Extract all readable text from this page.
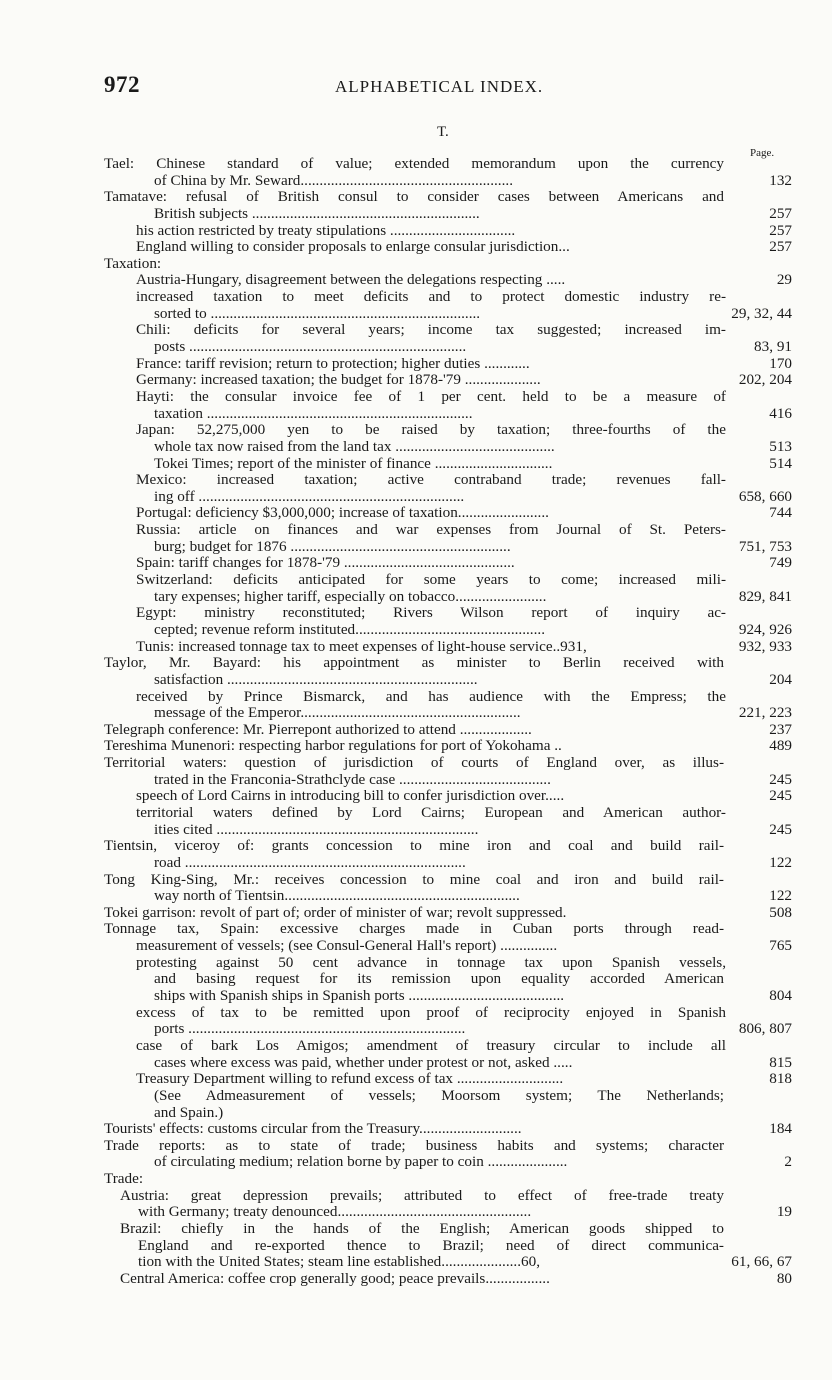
972	ALPHABETICAL INDEX.
T.
Page.
Tael: Chinese standard of value; extended memorandum upon the currency
of China by Mr. Seward........................................................	132
Tamatave: refusal of British consul to consider cases between Americans and
British subjects ............................................................	257
his action restricted by treaty stipulations .................................	257
England willing to consider proposals to enlarge consular jurisdiction...	257
Taxation:
Austria-Hungary, disagreement between the delegations respecting .....	29
increased taxation to meet deficits and to protect domestic industry re-
sorted to .......................................................................	29, 32, 44
Chili: deficits for several years; income tax suggested; increased im-
posts .........................................................................	83, 91
France: tariff revision; return to protection; higher duties ............	170
Germany: increased taxation; the budget for 1878-'79 ....................	202, 204
Hayti: the consular invoice fee of 1 per cent. held to be a measure of
taxation ......................................................................	416
Japan: 52,275,000 yen to be raised by taxation; three-fourths of the
whole tax now raised from the land tax ..........................................	513
Tokei Times; report of the minister of finance ...............................	514
Mexico: increased taxation; active contraband trade; revenues fall-
ing off ......................................................................	658, 660
Portugal: deficiency $3,000,000; increase of taxation........................	744
Russia: article on finances and war expenses from Journal of St. Peters-
burg; budget for 1876 ..........................................................	751, 753
Spain: tariff changes for 1878-'79 .............................................	749
Switzerland: deficits anticipated for some years to come; increased mili-
tary expenses; higher tariff, especially on tobacco........................	829, 841
Egypt: ministry reconstituted; Rivers Wilson report of inquiry ac-
cepted; revenue reform instituted..................................................	924, 926
Tunis: increased tonnage tax to meet expenses of light-house service..931,	932, 933
Taylor, Mr. Bayard: his appointment as minister to Berlin received with
satisfaction ..................................................................	204
received by Prince Bismarck, and has audience with the Empress; the
message of the Emperor..........................................................	221, 223
Telegraph conference: Mr. Pierrepont authorized to attend ...................	237
Tereshima Munenori: respecting harbor regulations for port of Yokohama ..	489
Territorial waters: question of jurisdiction of courts of England over, as illus-
trated in the Franconia-Strathclyde case ........................................	245
speech of Lord Cairns in introducing bill to confer jurisdiction over.....	245
territorial waters defined by Lord Cairns; European and American author-
ities cited .....................................................................	245
Tientsin, viceroy of: grants concession to mine iron and coal and build rail-
road ..........................................................................	122
Tong King-Sing, Mr.: receives concession to mine coal and iron and build rail-
way north of Tientsin..............................................................	122
Tokei garrison: revolt of part of; order of minister of war; revolt suppressed.	508
Tonnage tax, Spain: excessive charges made in Cuban ports through read-
measurement of vessels; (see Consul-General Hall's report) ...............	765
protesting against 50 cent advance in tonnage tax upon Spanish vessels,
and basing request for its remission upon equality accorded American
ships with Spanish ships in Spanish ports .........................................	804
excess of tax to be remitted upon proof of reciprocity enjoyed in Spanish
ports .........................................................................	806, 807
case of bark Los Amigos; amendment of treasury circular to include all
cases where excess was paid, whether under protest or not, asked .....	815
Treasury Department willing to refund excess of tax ............................	818
(See Admeasurement of vessels; Moorsom system; The Netherlands;
and Spain.)
Tourists' effects: customs circular from the Treasury...........................	184
Trade reports: as to state of trade; business habits and systems; character
of circulating medium; relation borne by paper to coin .....................	2
Trade:
Austria: great depression prevails; attributed to effect of free-trade treaty
with Germany; treaty denounced...................................................	19
Brazil: chiefly in the hands of the English; American goods shipped to
England and re-exported thence to Brazil; need of direct communica-
tion with the United States; steam line established.....................60,	61, 66, 67
Central America: coffee crop generally good; peace prevails.................	80
